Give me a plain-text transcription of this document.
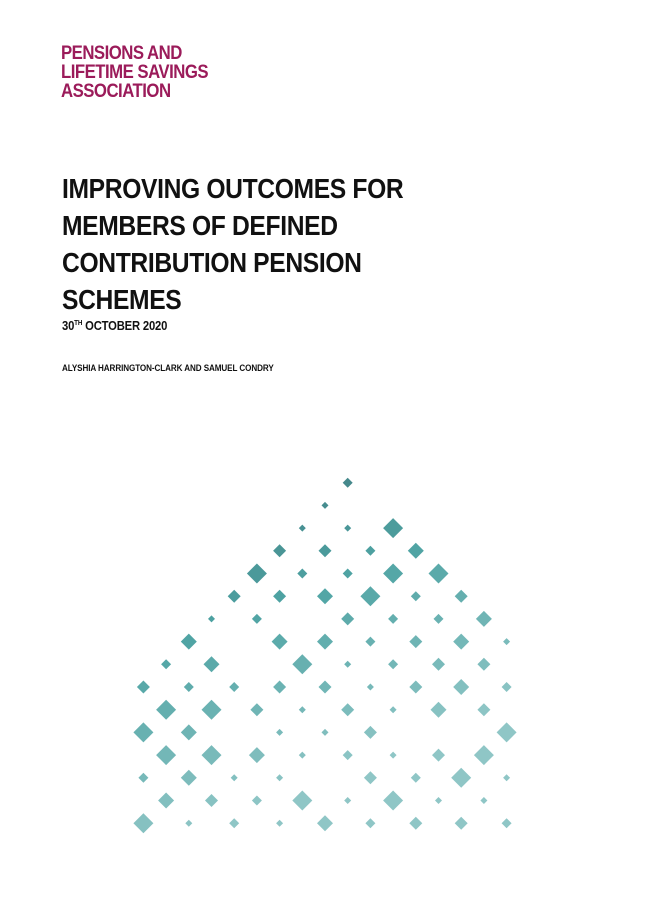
PENSIONS AND
LIFETIME SAVINGS
ASSOCIATION
IMPROVING OUTCOMES FOR
MEMBERS OF DEFINED
CONTRIBUTION PENSION
SCHEMES
30TH OCTOBER 2020
ALYSHIA HARRINGTON-CLARK AND SAMUEL CONDRY
